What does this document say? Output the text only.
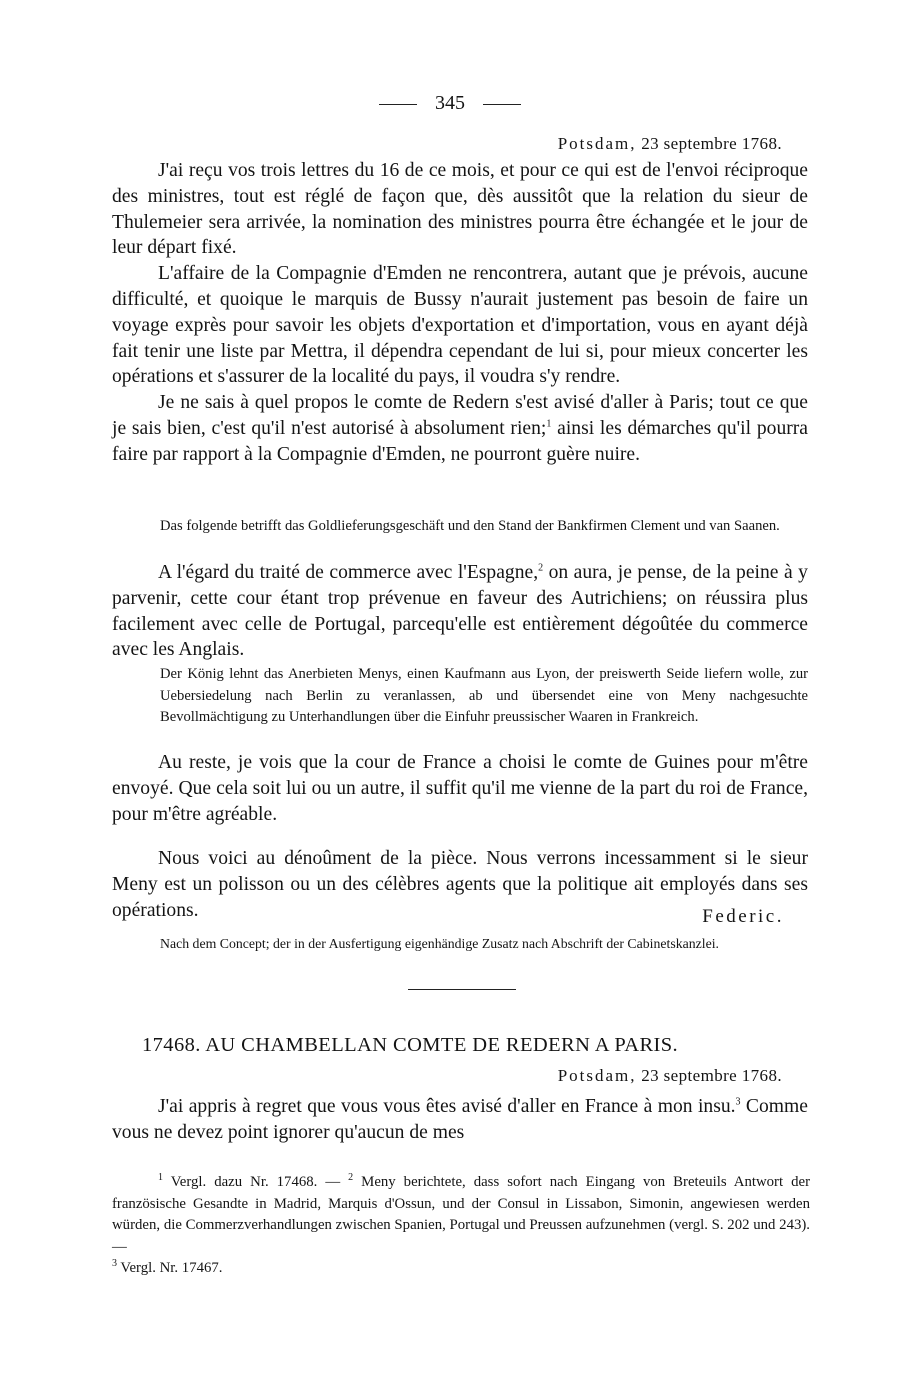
345
Potsdam, 23 septembre 1768.

J'ai reçu vos trois lettres du 16 de ce mois, et pour ce qui est de l'envoi réciproque des ministres, tout est réglé de façon que, dès aussitôt que la relation du sieur de Thulemeier sera arrivée, la nomination des ministres pourra être échangée et le jour de leur départ fixé.

L'affaire de la Compagnie d'Emden ne rencontrera, autant que je prévois, aucune difficulté, et quoique le marquis de Bussy n'aurait justement pas besoin de faire un voyage exprès pour savoir les objets d'exportation et d'importation, vous en ayant déjà fait tenir une liste par Mettra, il dépendra cependant de lui si, pour mieux concerter les opérations et s'assurer de la localité du pays, il voudra s'y rendre.

Je ne sais à quel propos le comte de Redern s'est avisé d'aller à Paris; tout ce que je sais bien, c'est qu'il n'est autorisé à absolument rien;$^1$ ainsi les démarches qu'il pourra faire par rapport à la Compagnie d'Emden, ne pourront guère nuire.

Das folgende betrifft das Goldlieferungsgeschäft und den Stand der Bankfirmen Clement und van Saanen.

A l'égard du traité de commerce avec l'Espagne,$^2$ on aura, je pense, de la peine à y parvenir, cette cour étant trop prévenue en faveur des Autrichiens; on réussira plus facilement avec celle de Portugal, parcequ'elle est entièrement dégoûtée du commerce avec les Anglais.

Der König lehnt das Anerbieten Menys, einen Kaufmann aus Lyon, der preiswerth Seide liefern wolle, zur Uebersiedelung nach Berlin zu veranlassen, ab und übersendet eine von Meny nachgesuchte Bevollmächtigung zu Unterhandlungen über die Einfuhr preussischer Waaren in Frankreich.

Au reste, je vois que la cour de France a choisi le comte de Guines pour m'être envoyé. Que cela soit lui ou un autre, il suffit qu'il me vienne de la part du roi de France, pour m'être agréable.

Nous voici au dénoûment de la pièce. Nous verrons incessamment si le sieur Meny est un polisson ou un des célèbres agents que la politique ait employés dans ses opérations.	Federic.
Nach dem Concept; der in der Ausfertigung eigenhändige Zusatz nach Abschrift der Cabinetskanzlei.
17468. AU CHAMBELLAN COMTE DE REDERN A PARIS.
Potsdam, 23 septembre 1768.

J'ai appris à regret que vous vous êtes avisé d'aller en France à mon insu.$^3$ Comme vous ne devez point ignorer qu'aucun de mes

$^1$ Vergl. dazu Nr. 17468. — $^2$ Meny berichtete, dass sofort nach Eingang von Breteuils Antwort der französische Gesandte in Madrid, Marquis d'Ossun, und der Consul in Lissabon, Simonin, angewiesen werden würden, die Commerzverhandlungen zwischen Spanien, Portugal und Preussen aufzunehmen (vergl. S. 202 und 243). —
$^3$ Vergl. Nr. 17467.
